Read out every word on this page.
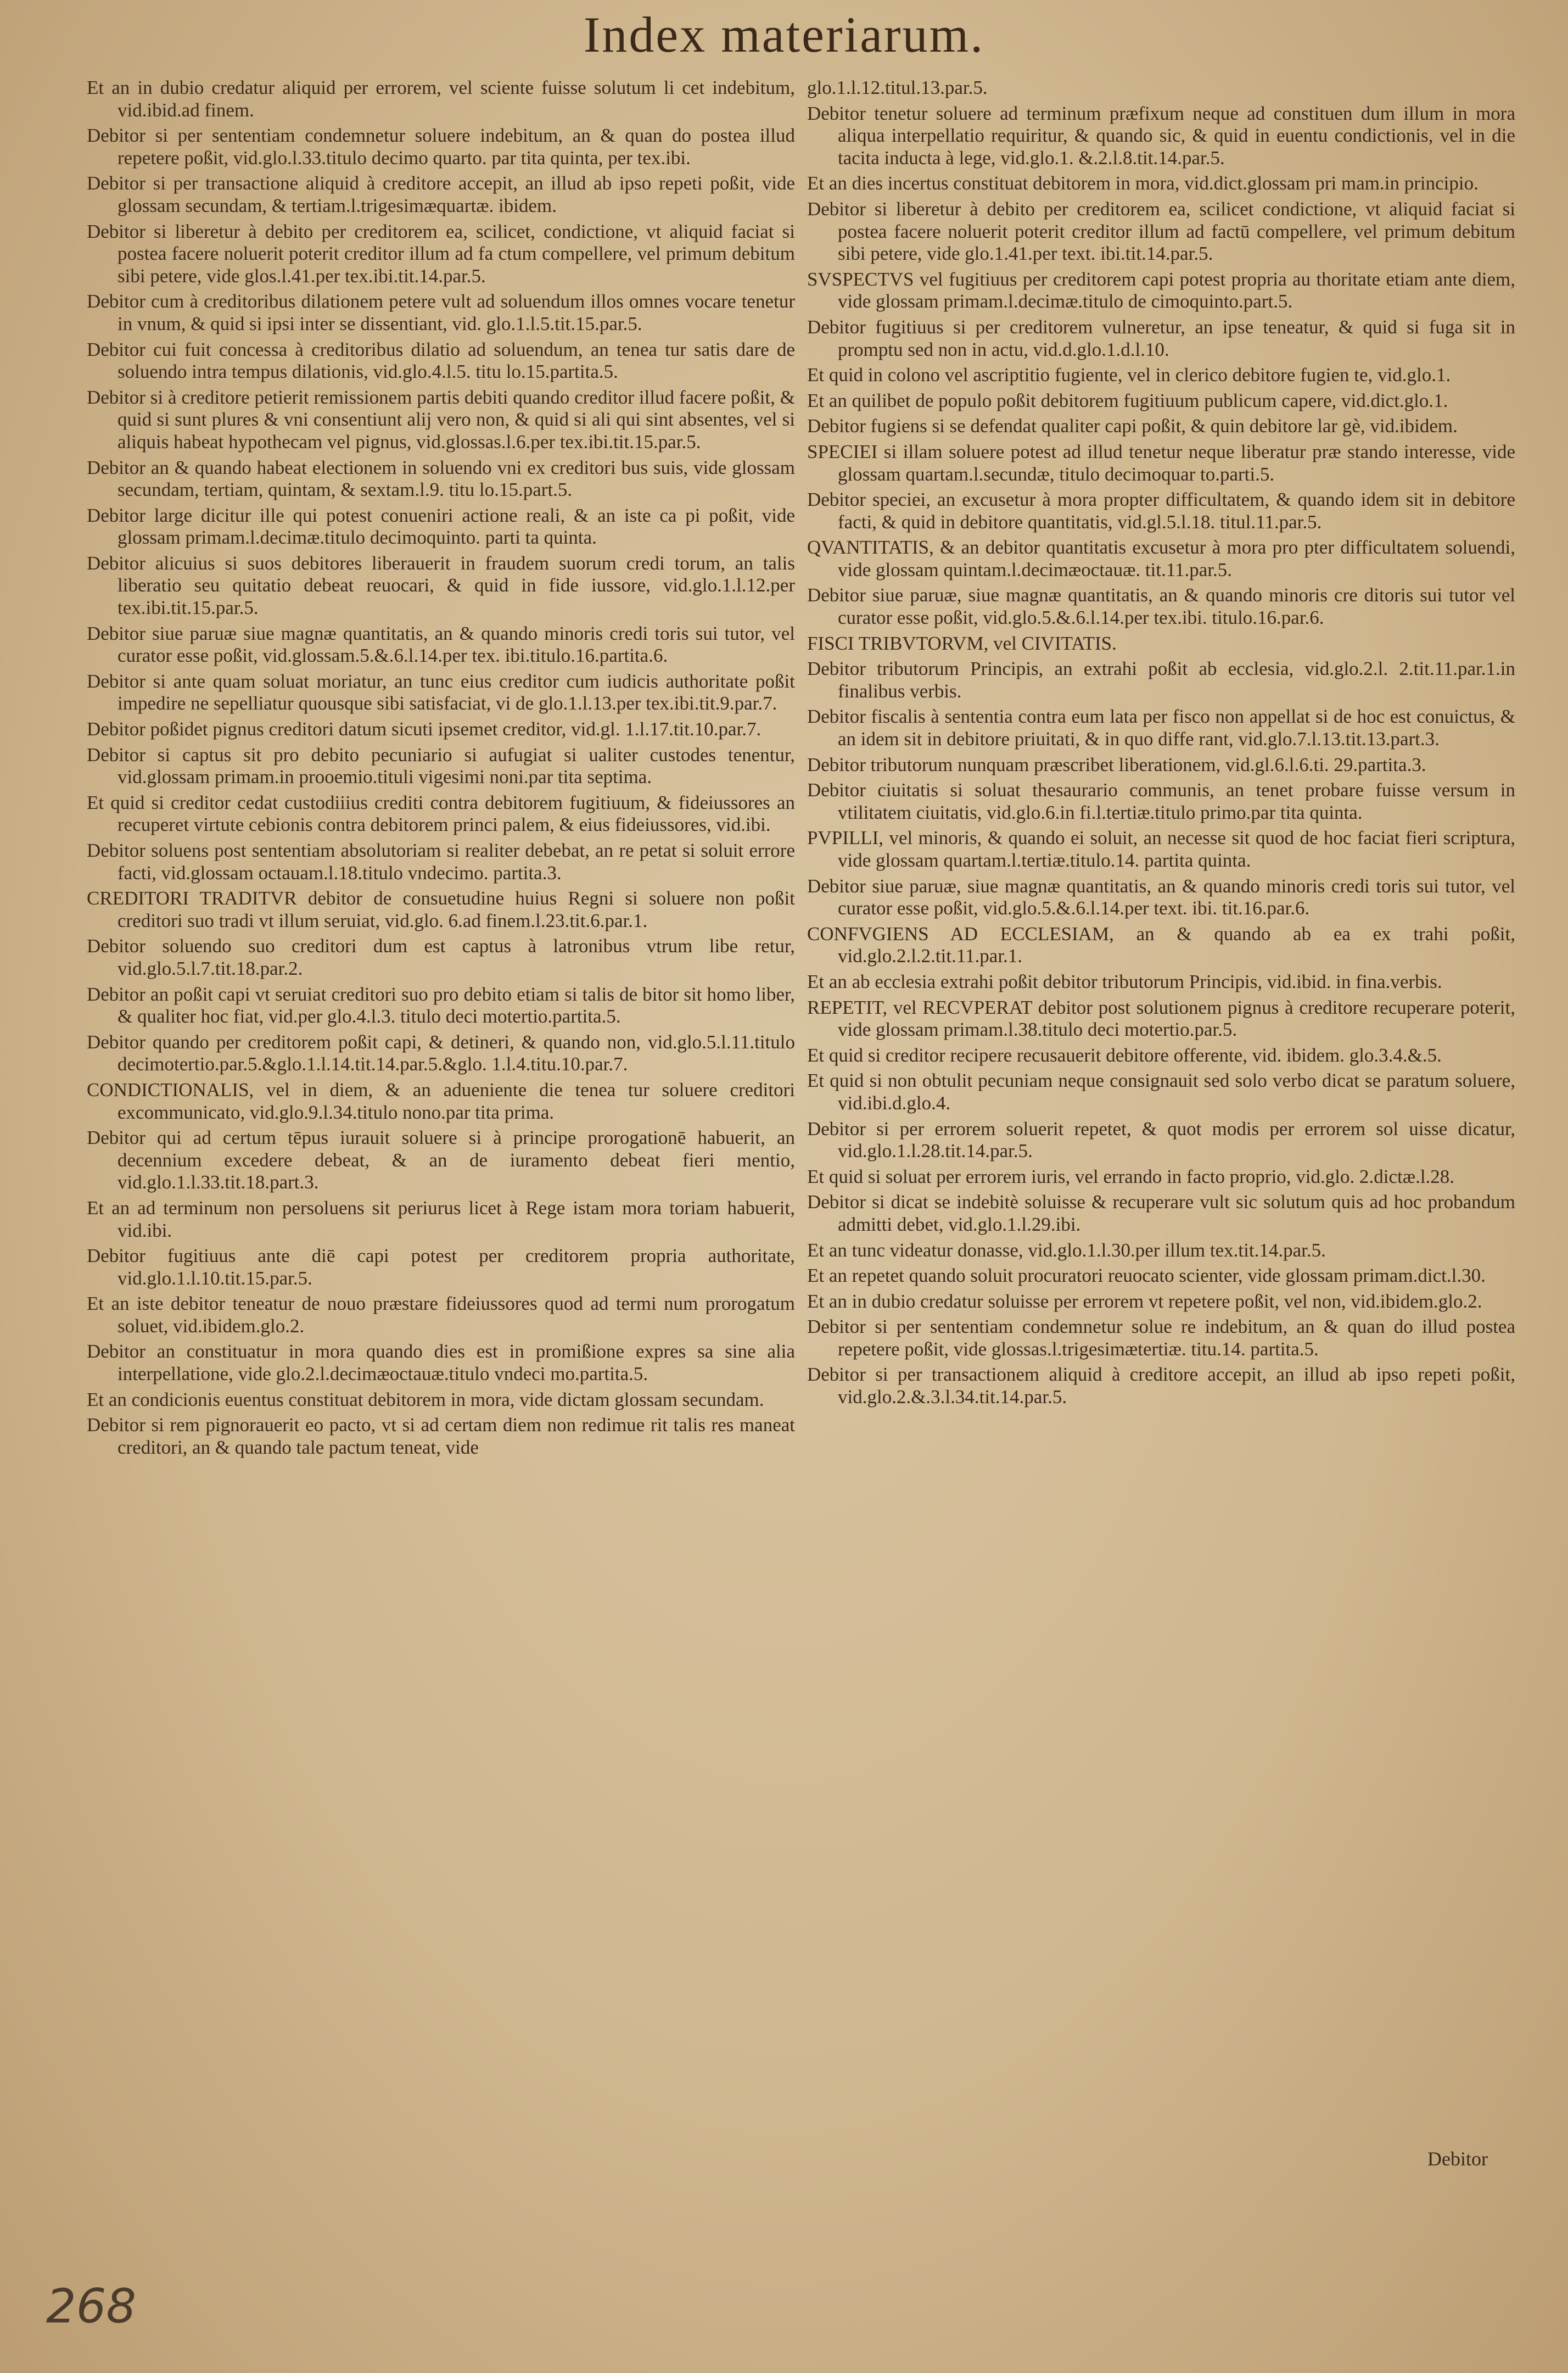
Index materiarum.

Et an in dubio credatur aliquid per errorem, vel sciente fuisse solutum li cet indebitum, vid.ibid.ad finem.

Debitor si per sententiam condemnetur soluere indebitum, an & quan do postea illud repetere poßit, vid.glo.l.33.titulo decimo quarto. par tita quinta, per tex.ibi.

Debitor si per transactione aliquid à creditore accepit, an illud ab ipso repeti poßit, vide glossam secundam, & tertiam.l.trigesimæquartæ. ibidem.

Debitor si liberetur à debito per creditorem ea, scilicet, condictione, vt aliquid faciat si postea facere noluerit poterit creditor illum ad fa ctum compellere, vel primum debitum sibi petere, vide glos.l.41.per tex.ibi.tit.14.par.5.

Debitor cum à creditoribus dilationem petere vult ad soluendum illos omnes vocare tenetur in vnum, & quid si ipsi inter se dissentiant, vid. glo.1.l.5.tit.15.par.5.

Debitor cui fuit concessa à creditoribus dilatio ad soluendum, an tenea tur satis dare de soluendo intra tempus dilationis, vid.glo.4.l.5. titu lo.15.partita.5.

Debitor si à creditore petierit remissionem partis debiti quando creditor illud facere poßit, & quid si sunt plures & vni consentiunt alij vero non, & quid si ali qui sint absentes, vel si aliquis habeat hypothecam vel pignus, vid.glossas.l.6.per tex.ibi.tit.15.par.5.

Debitor an & quando habeat electionem in soluendo vni ex creditori bus suis, vide glossam secundam, tertiam, quintam, & sextam.l.9. titu lo.15.part.5.

Debitor large dicitur ille qui potest conueniri actione reali, & an iste ca pi poßit, vide glossam primam.l.decimæ.titulo decimoquinto. parti ta quinta.

Debitor alicuius si suos debitores liberauerit in fraudem suorum credi torum, an talis liberatio seu quitatio debeat reuocari, & quid in fide iussore, vid.glo.1.l.12.per tex.ibi.tit.15.par.5.

Debitor siue paruæ siue magnæ quantitatis, an & quando minoris credi toris sui tutor, vel curator esse poßit, vid.glossam.5.&.6.l.14.per tex. ibi.titulo.16.partita.6.

Debitor si ante quam soluat moriatur, an tunc eius creditor cum iudicis authoritate poßit impedire ne sepelliatur quousque sibi satisfaciat, vi de glo.1.l.13.per tex.ibi.tit.9.par.7.

Debitor poßidet pignus creditori datum sicuti ipsemet creditor, vid.gl. 1.l.17.tit.10.par.7.

Debitor si captus sit pro debito pecuniario si aufugiat si ualiter custodes tenentur, vid.glossam primam.in prooemio.tituli vigesimi noni.par tita septima.

Et quid si creditor cedat custodiiius crediti contra debitorem fugitiuum, & fideiussores an recuperet virtute cebionis contra debitorem princi palem, & eius fideiussores, vid.ibi.

Debitor soluens post sententiam absolutoriam si realiter debebat, an re petat si soluit errore facti, vid.glossam octauam.l.18.titulo vndecimo. partita.3.

CREDITORI TRADITVR debitor de consuetudine huius Regni si soluere non poßit creditori suo tradi vt illum seruiat, vid.glo. 6.ad finem.l.23.tit.6.par.1.

Debitor soluendo suo creditori dum est captus à latronibus vtrum libe retur, vid.glo.5.l.7.tit.18.par.2.

Debitor an poßit capi vt seruiat creditori suo pro debito etiam si talis de bitor sit homo liber, & qualiter hoc fiat, vid.per glo.4.l.3. titulo deci motertio.partita.5.

Debitor quando per creditorem poßit capi, & detineri, & quando non, vid.glo.5.l.11.titulo decimotertio.par.5.&glo.1.l.14.tit.14.par.5.&glo. 1.l.4.titu.10.par.7.

CONDICTIONALIS, vel in diem, & an adueniente die tenea tur soluere creditori excommunicato, vid.glo.9.l.34.titulo nono.par tita prima.

Debitor qui ad certum tēpus iurauit soluere si à principe prorogationē habuerit, an decennium excedere debeat, & an de iuramento debeat fieri mentio, vid.glo.1.l.33.tit.18.part.3.

Et an ad terminum non persoluens sit periurus licet à Rege istam mora toriam habuerit, vid.ibi.

Debitor fugitiuus ante diē capi potest per creditorem propria authoritate, vid.glo.1.l.10.tit.15.par.5.

Et an iste debitor teneatur de nouo præstare fideiussores quod ad termi num prorogatum soluet, vid.ibidem.glo.2.

Debitor an constituatur in mora quando dies est in promißione expres sa sine alia interpellatione, vide glo.2.l.decimæoctauæ.titulo vndeci mo.partita.5.

Et an condicionis euentus constituat debitorem in mora, vide dictam glossam secundam.

Debitor si rem pignorauerit eo pacto, vt si ad certam diem non redimue rit talis res maneat creditori, an & quando tale pactum teneat, vide

glo.1.l.12.titul.13.par.5.

Debitor tenetur soluere ad terminum præfixum neque ad constituen dum illum in mora aliqua interpellatio requiritur, & quando sic, & quid in euentu condictionis, vel in die tacita inducta à lege, vid.glo.1. &.2.l.8.tit.14.par.5.

Et an dies incertus constituat debitorem in mora, vid.dict.glossam pri mam.in principio.

Debitor si liberetur à debito per creditorem ea, scilicet condictione, vt aliquid faciat si postea facere noluerit poterit creditor illum ad factū compellere, vel primum debitum sibi petere, vide glo.1.41.per text. ibi.tit.14.par.5.

SVSPECTVS vel fugitiuus per creditorem capi potest propria au thoritate etiam ante diem, vide glossam primam.l.decimæ.titulo de cimoquinto.part.5.

Debitor fugitiuus si per creditorem vulneretur, an ipse teneatur, & quid si fuga sit in promptu sed non in actu, vid.d.glo.1.d.l.10.

Et quid in colono vel ascriptitio fugiente, vel in clerico debitore fugien te, vid.glo.1.

Et an quilibet de populo poßit debitorem fugitiuum publicum capere, vid.dict.glo.1.

Debitor fugiens si se defendat qualiter capi poßit, & quin debitore lar gè, vid.ibidem.

SPECIEI si illam soluere potest ad illud tenetur neque liberatur præ stando interesse, vide glossam quartam.l.secundæ, titulo decimoquar to.parti.5.

Debitor speciei, an excusetur à mora propter difficultatem, & quando idem sit in debitore facti, & quid in debitore quantitatis, vid.gl.5.l.18. titul.11.par.5.

QVANTITATIS, & an debitor quantitatis excusetur à mora pro pter difficultatem soluendi, vide glossam quintam.l.decimæoctauæ. tit.11.par.5.

Debitor siue paruæ, siue magnæ quantitatis, an & quando minoris cre ditoris sui tutor vel curator esse poßit, vid.glo.5.&.6.l.14.per tex.ibi. titulo.16.par.6.

FISCI TRIBVTORVM, vel CIVITATIS.

Debitor tributorum Principis, an extrahi poßit ab ecclesia, vid.glo.2.l. 2.tit.11.par.1.in finalibus verbis.

Debitor fiscalis à sententia contra eum lata per fisco non appellat si de hoc est conuictus, & an idem sit in debitore priuitati, & in quo diffe rant, vid.glo.7.l.13.tit.13.part.3.

Debitor tributorum nunquam præscribet liberationem, vid.gl.6.l.6.ti. 29.partita.3.

Debitor ciuitatis si soluat thesaurario communis, an tenet probare fuisse versum in vtilitatem ciuitatis, vid.glo.6.in fi.l.tertiæ.titulo primo.par tita quinta.

PVPILLI, vel minoris, & quando ei soluit, an necesse sit quod de hoc faciat fieri scriptura, vide glossam quartam.l.tertiæ.titulo.14. partita quinta.

Debitor siue paruæ, siue magnæ quantitatis, an & quando minoris credi toris sui tutor, vel curator esse poßit, vid.glo.5.&.6.l.14.per text. ibi. tit.16.par.6.

CONFVGIENS AD ECCLESIAM, an & quando ab ea ex trahi poßit, vid.glo.2.l.2.tit.11.par.1.

Et an ab ecclesia extrahi poßit debitor tributorum Principis, vid.ibid. in fina.verbis.

REPETIT, vel RECVPERAT debitor post solutionem pignus à creditore recuperare poterit, vide glossam primam.l.38.titulo deci motertio.par.5.

Et quid si creditor recipere recusauerit debitore offerente, vid. ibidem. glo.3.4.&.5.

Et quid si non obtulit pecuniam neque consignauit sed solo verbo dicat se paratum soluere, vid.ibi.d.glo.4.

Debitor si per errorem soluerit repetet, & quot modis per errorem sol uisse dicatur, vid.glo.1.l.28.tit.14.par.5.

Et quid si soluat per errorem iuris, vel errando in facto proprio, vid.glo. 2.dictæ.l.28.

Debitor si dicat se indebitè soluisse & recuperare vult sic solutum quis ad hoc probandum admitti debet, vid.glo.1.l.29.ibi.

Et an tunc videatur donasse, vid.glo.1.l.30.per illum tex.tit.14.par.5.

Et an repetet quando soluit procuratori reuocato scienter, vide glossam primam.dict.l.30.

Et an in dubio credatur soluisse per errorem vt repetere poßit, vel non, vid.ibidem.glo.2.

Debitor si per sententiam condemnetur solue re indebitum, an & quan do illud postea repetere poßit, vide glossas.l.trigesimætertiæ. titu.14. partita.5.

Debitor si per transactionem aliquid à creditore accepit, an illud ab ipso repeti poßit, vid.glo.2.&.3.l.34.tit.14.par.5.

Debitor
268
